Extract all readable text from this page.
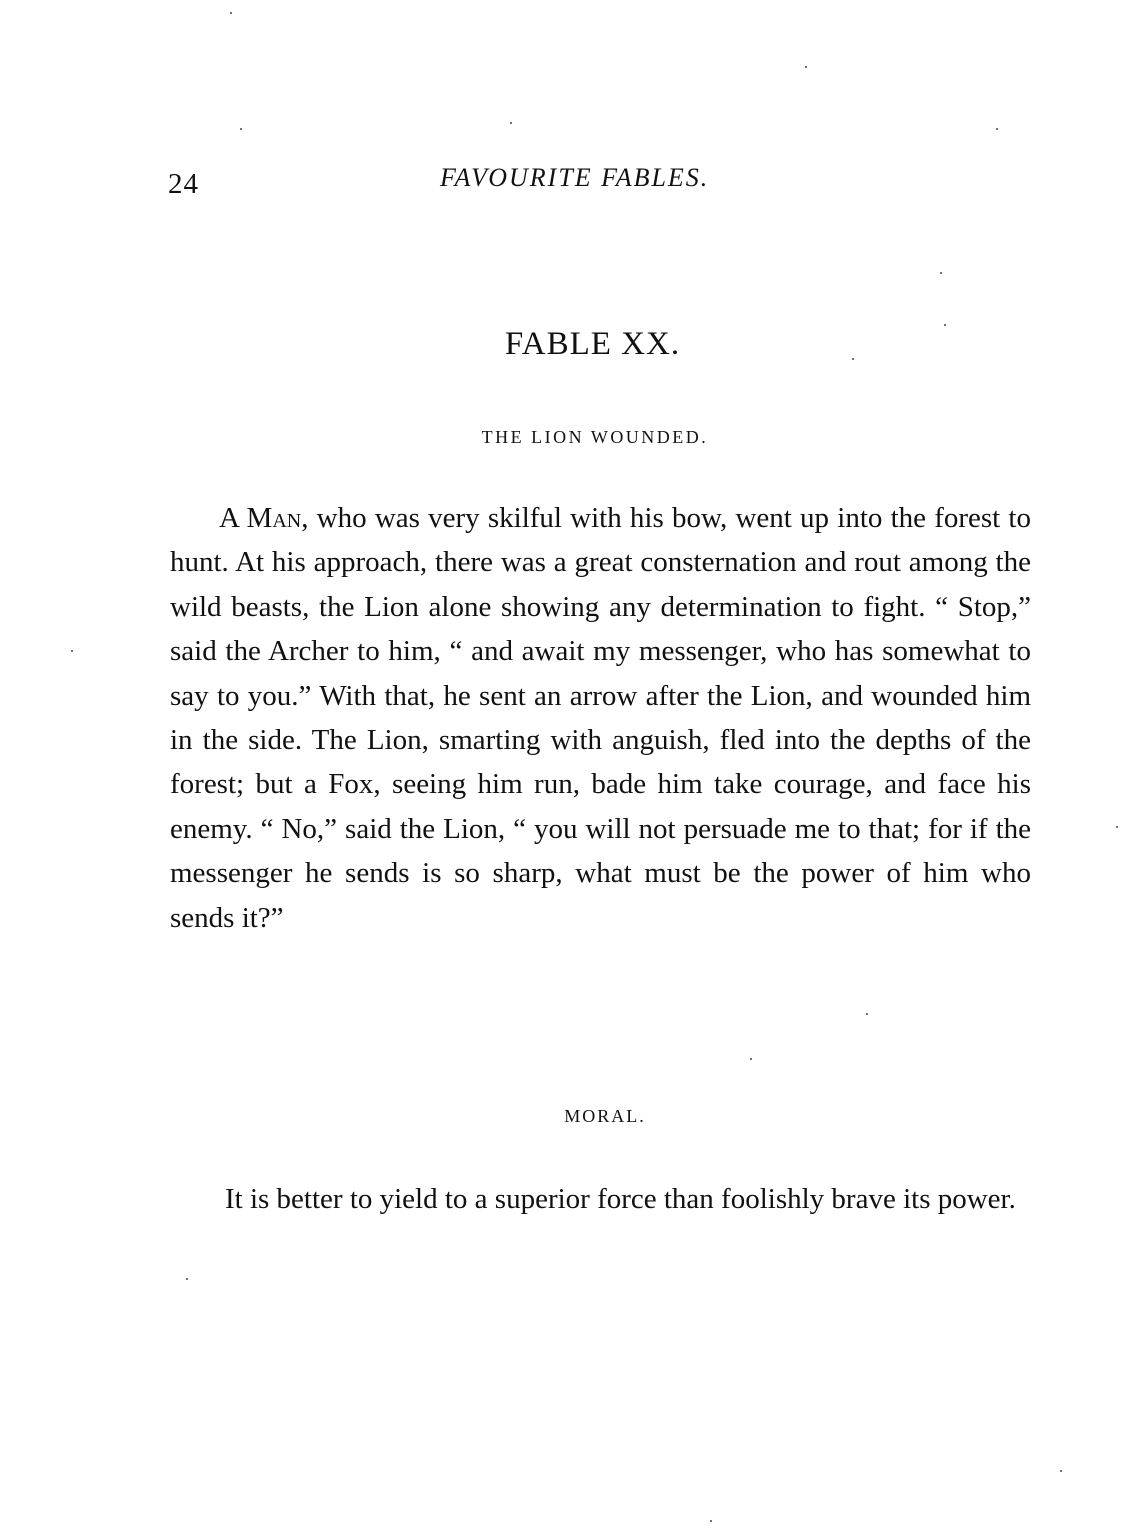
24	FAVOURITE FABLES.
FABLE XX.
THE LION WOUNDED.

A Man, who was very skilful with his bow, went up into the forest to hunt. At his approach, there was a great consternation and rout among the wild beasts, the Lion alone showing any determination to fight. “ Stop,” said the Archer to him, “ and await my messenger, who has somewhat to say to you.” With that, he sent an arrow after the Lion, and wounded him in the side. The Lion, smarting with anguish, fled into the depths of the forest; but a Fox, seeing him run, bade him take courage, and face his enemy. “ No,” said the Lion, “ you will not persuade me to that; for if the messenger he sends is so sharp, what must be the power of him who sends it?”

MORAL.

It is better to yield to a superior force than foolishly brave its power.
